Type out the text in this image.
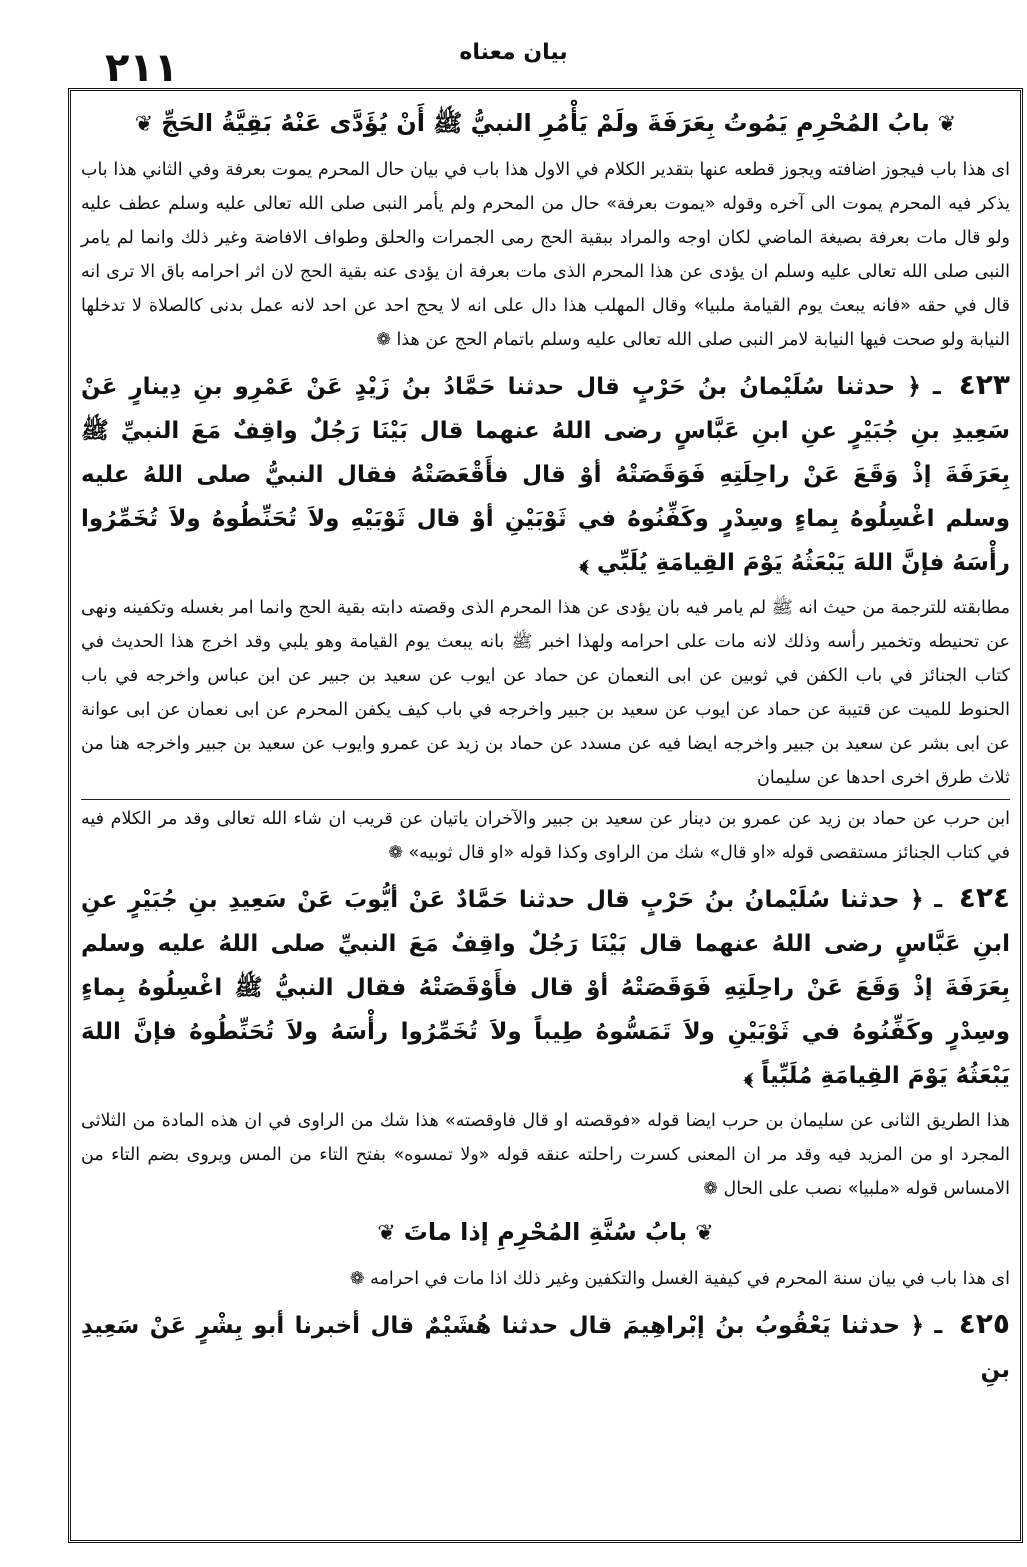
٢١١	بيان معناه
❦بابُ المُحْرِمِ يَمُوتُ بِعَرَفَةَ ولَمْ يَأْمُرِ النبيُّ ﷺ أَنْ يُؤَدَّى عَنْهُ بَقِيَّةُ الحَجِّ❦

اى هذا باب فيجوز اضافته ويجوز قطعه عنها بتقدير الكلام في الاول هذا باب في بيان حال المحرم يموت بعرفة وفي الثاني هذا باب يذكر فيه المحرم يموت الى آخره وقوله «يموت بعرفة» حال من المحرم ولم يأمر النبى صلى الله تعالى عليه وسلم عطف عليه ولو قال مات بعرفة بصيغة الماضي لكان اوجه والمراد ببقية الحج رمى الجمرات والحلق وطواف الافاضة وغير ذلك وانما لم يامر النبى صلى الله تعالى عليه وسلم ان يؤدى عن هذا المحرم الذى مات بعرفة ان يؤدى عنه بقية الحج لان اثر احرامه باق الا ترى انه قال في حقه «فانه يبعث يوم القيامة ملبيا» وقال المهلب هذا دال على انه لا يحج احد عن احد لانه عمل بدنى كالصلاة لا تدخلها النيابة ولو صحت فيها النيابة لامر النبى صلى الله تعالى عليه وسلم باتمام الحج عن هذا ❁

٤٢٣ ـ ﴿ حدثنا سُلَيْمانُ بنُ حَرْبٍ قال حدثنا حَمَّادُ بنُ زَيْدٍ عَنْ عَمْرِو بنِ دِينارٍ عَنْ سَعِيدِ بنِ جُبَيْرٍ عنِ ابنِ عَبَّاسٍ رضى اللهُ عنهما قال بَيْنَا رَجُلٌ واقِفٌ مَعَ النبيِّ ﷺ بِعَرَفَةَ إذْ وَقَعَ عَنْ راحِلَتِهِ فَوَقَصَتْهُ أوْ قال فأَقْعَصَتْهُ فقال النبيُّ صلى اللهُ عليه وسلم اغْسِلُوهُ بِماءٍ وسِدْرٍ وكَفِّنُوهُ في ثَوْبَيْنِ أوْ قال ثَوْبَيْهِ ولاَ تُحَنِّطُوهُ ولاَ تُخَمِّرُوا رأْسَهُ فإنَّ اللهَ يَبْعَثُهُ يَوْمَ القِيامَةِ يُلَبِّي ﴾

مطابقته للترجمة من حيث انه ﷺ لم يامر فيه بان يؤدى عن هذا المحرم الذى وقصته دابته بقية الحج وانما امر بغسله وتكفينه ونهى عن تحنيطه وتخمير رأسه وذلك لانه مات على احرامه ولهذا اخبر ﷺ بانه يبعث يوم القيامة وهو يلبي وقد اخرج هذا الحديث في كتاب الجنائز في باب الكفن في ثوبين عن ابى النعمان عن حماد عن ايوب عن سعيد بن جبير عن ابن عباس واخرجه في باب الحنوط للميت عن قتيبة عن حماد عن ايوب عن سعيد بن جبير واخرجه في باب كيف يكفن المحرم عن ابى نعمان عن ابى عوانة عن ابى بشر عن سعيد بن جبير واخرجه ايضا فيه عن مسدد عن حماد بن زيد عن عمرو وايوب عن سعيد بن جبير واخرجه هنا من ثلاث طرق اخرى احدها عن سليمان

ابن حرب عن حماد بن زيد عن عمرو بن دينار عن سعيد بن جبير والآخران ياتيان عن قريب ان شاء الله تعالى وقد مر الكلام فيه في كتاب الجنائز مستقصى قوله «او قال» شك من الراوى وكذا قوله «او قال ثوبيه» ❁

٤٢٤ ـ ﴿ حدثنا سُلَيْمانُ بنُ حَرْبٍ قال حدثنا حَمَّادٌ عَنْ أيُّوبَ عَنْ سَعِيدِ بنِ جُبَيْرٍ عنِ ابنِ عَبَّاسٍ رضى اللهُ عنهما قال بَيْنَا رَجُلٌ واقِفٌ مَعَ النبيِّ صلى اللهُ عليه وسلم بِعَرَفَةَ إذْ وَقَعَ عَنْ راحِلَتِهِ فَوَقَصَتْهُ أوْ قال فأَوْقَصَتْهُ فقال النبيُّ ﷺ اغْسِلُوهُ بِماءٍ وسِدْرٍ وكَفِّنُوهُ في ثَوْبَيْنِ ولاَ تَمَسُّوهُ طِيباً ولاَ تُخَمِّرُوا رأْسَهُ ولاَ تُحَنِّطُوهُ فإنَّ اللهَ يَبْعَثُهُ يَوْمَ القِيامَةِ مُلَبِّياً ﴾

هذا الطريق الثانى عن سليمان بن حرب ايضا قوله «فوقصته او قال فاوقصته» هذا شك من الراوى في ان هذه المادة من الثلاثى المجرد او من المزيد فيه وقد مر ان المعنى كسرت راحلته عنقه قوله «ولا تمسوه» بفتح التاء من المس ويروى بضم التاء من الامساس قوله «ملبيا» نصب على الحال ❁

❦بابُ سُنَّةِ المُحْرِمِ إذا ماتَ❦

اى هذا باب في بيان سنة المحرم في كيفية الغسل والتكفين وغير ذلك اذا مات في احرامه ❁

٤٢٥ ـ ﴿ حدثنا يَعْقُوبُ بنُ إبْراهِيمَ قال حدثنا هُشَيْمٌ قال أخبرنا أبو بِشْرٍ عَنْ سَعِيدِ بنِ
